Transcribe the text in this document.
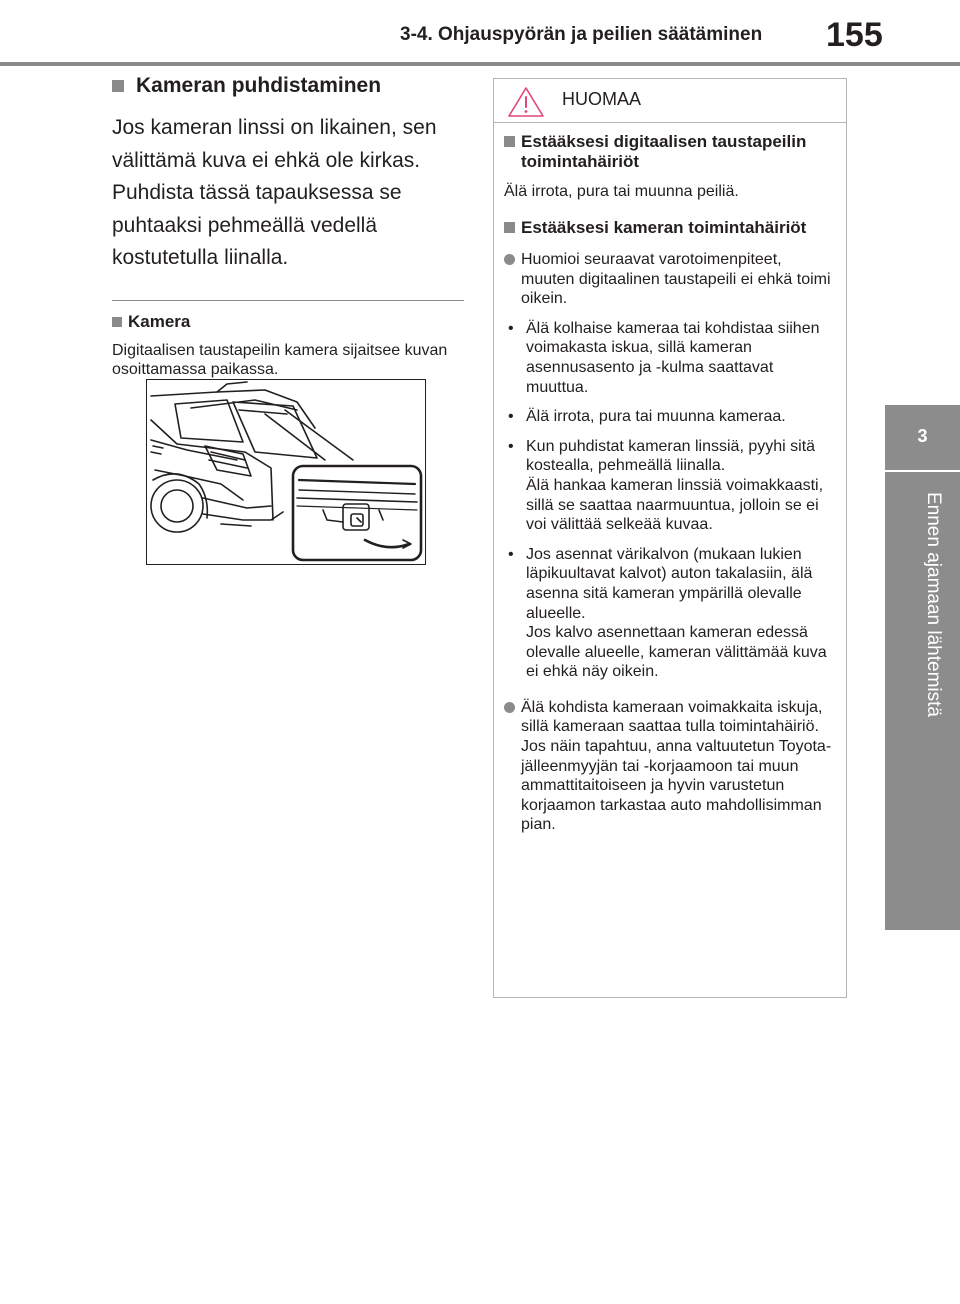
3-4. Ohjauspyörän ja peilien säätäminen 155
3
Ennen ajamaan lähtemistä
Kameran puhdistaminen

Jos kameran linssi on likainen, sen välittämä kuva ei ehkä ole kirkas. Puhdista tässä tapauksessa se puhtaaksi pehmeällä vedellä kostutetulla liinalla.

Kamera

Digitaalisen taustapeilin kamera sijaitsee kuvan osoittamassa paikassa.

HUOMAA
Estääksesi digitaalisen taustapeilin toimintahäiriöt
Älä irrota, pura tai muunna peiliä.
Estääksesi kameran toimintahäiriöt
Huomioi seuraavat varotoimenpiteet, muuten digitaalinen taustapeili ei ehkä toimi oikein.
• Älä kolhaise kameraa tai kohdistaa siihen voimakasta iskua, sillä kameran asennusasento ja -kulma saattavat muuttua.
• Älä irrota, pura tai muunna kameraa.
• Kun puhdistat kameran linssiä, pyyhi sitä kostealla, pehmeällä liinalla.
Älä hankaa kameran linssiä voimakkaasti, sillä se saattaa naarmuuntua, jolloin se ei voi välittää selkeää kuvaa.
• Jos asennat värikalvon (mukaan lukien läpikuultavat kalvot) auton takalasiin, älä asenna sitä kameran ympärillä olevalle alueelle.
Jos kalvo asennettaan kameran edessä olevalle alueelle, kameran välittämää kuva ei ehkä näy oikein.
Älä kohdista kameraan voimakkaita iskuja, sillä kameraan saattaa tulla toimintahäiriö.
Jos näin tapahtuu, anna valtuutetun Toyota-jälleenmyyjän tai -korjaamoon tai muun ammattitaitoiseen ja hyvin varustetun korjaamon tarkastaa auto mahdollisimman pian.
